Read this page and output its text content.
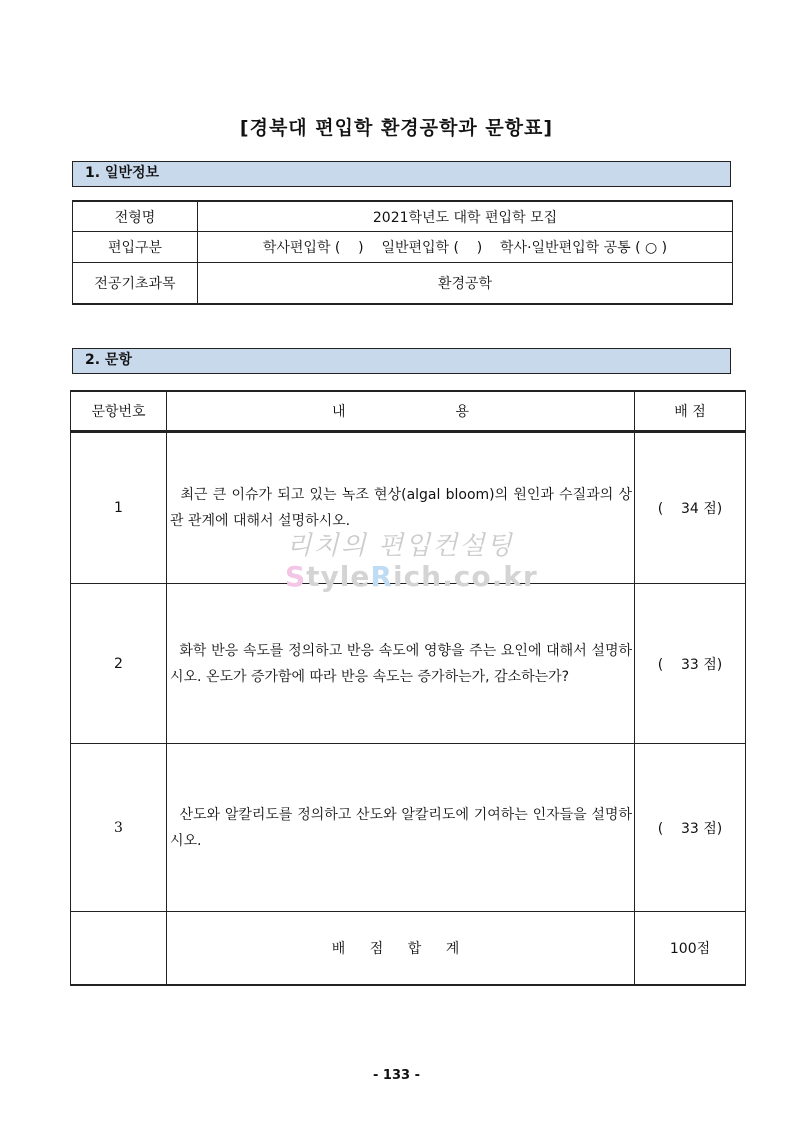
[경북대 편입학 환경공학과 문항표]
1. 일반정보
전형명	2021학년도 대학 편입학 모집
편입구분	학사편입학 (    )    일반편입학 (    )    학사·일반편입학 공통 ( ○ )
전공기초과목	환경공학
2. 문항
문항번호	내 용	배 점
1	최근 큰 이슈가 되고 있는 녹조 현상(algal bloom)의 원인과 수질과의 상관 관계에 대해서 설명하시오.	(    34 점)
2	화학 반응 속도를 정의하고 반응 속도에 영향을 주는 요인에 대해서 설명하시오. 온도가 증가함에 따라 반응 속도는 증가하는가, 감소하는가?	(    33 점)
3	산도와 알칼리도를 정의하고 산도와 알칼리도에 기여하는 인자들을 설명하시오.	(    33 점)
	배 점 합 계	100점
리치의 편입컨설팅
StyleRich.co.kr
- 133 -
